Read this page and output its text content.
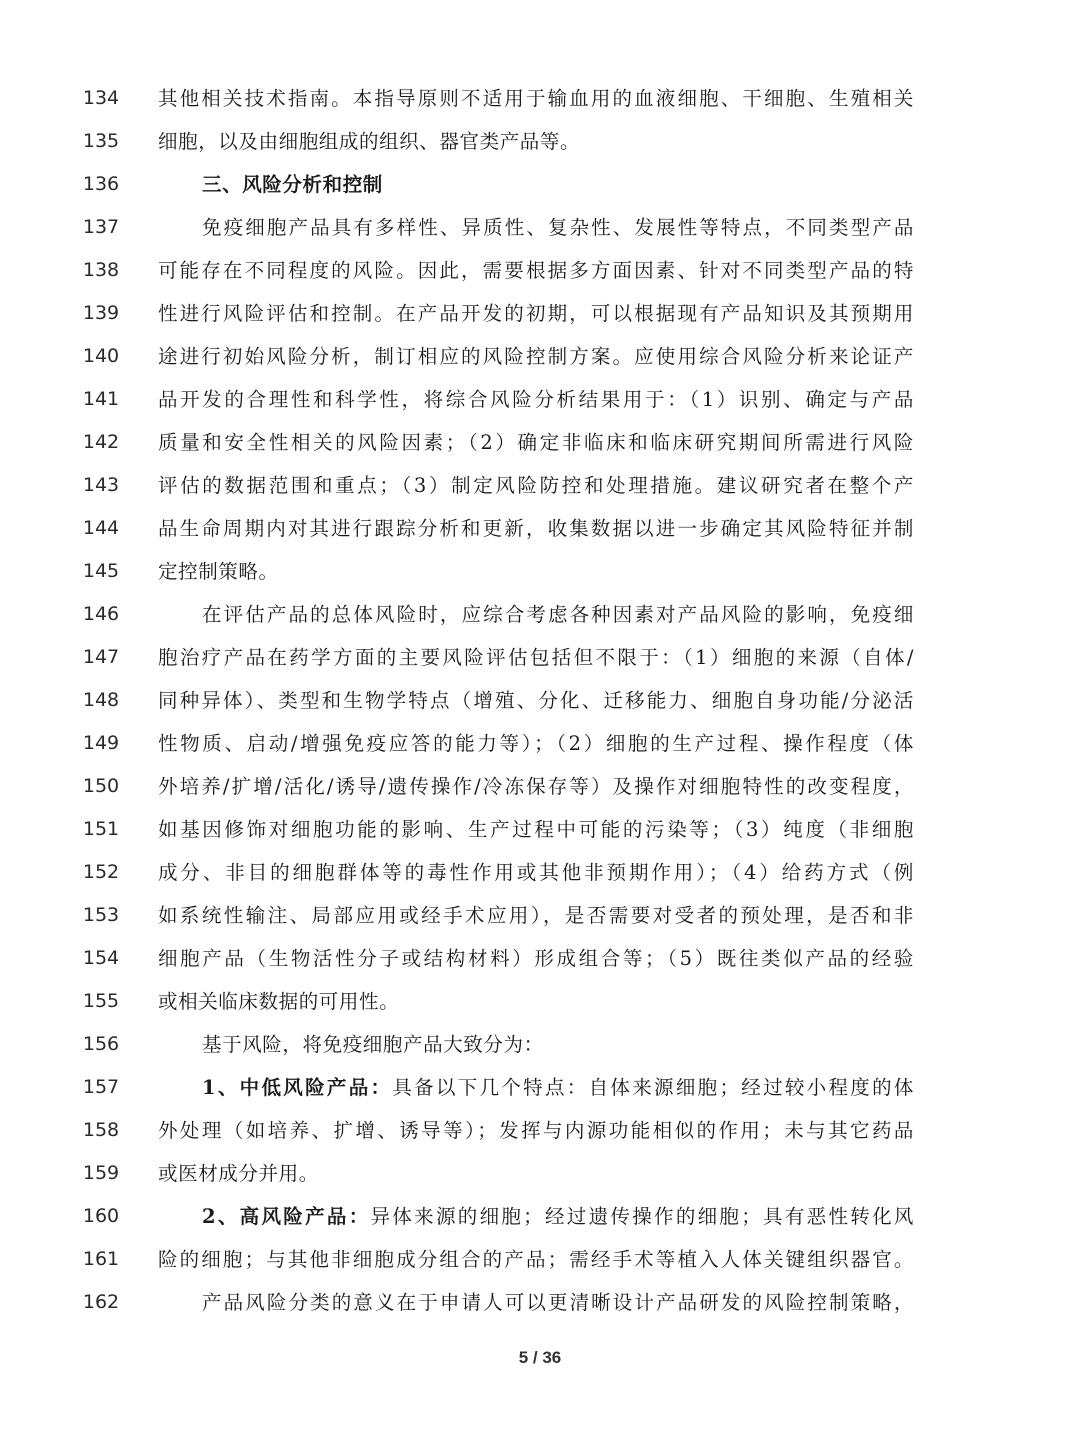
134	其他相关技术指南。本指导原则不适用于输血用的血液细胞、干细胞、生殖相关
135	细胞，以及由细胞组成的组织、器官类产品等。
136	三、风险分析和控制
137	免疫细胞产品具有多样性、异质性、复杂性、发展性等特点，不同类型产品
138	可能存在不同程度的风险。因此，需要根据多方面因素、针对不同类型产品的特
139	性进行风险评估和控制。在产品开发的初期，可以根据现有产品知识及其预期用
140	途进行初始风险分析，制订相应的风险控制方案。应使用综合风险分析来论证产
141	品开发的合理性和科学性，将综合风险分析结果用于：（1）识别、确定与产品
142	质量和安全性相关的风险因素；（2）确定非临床和临床研究期间所需进行风险
143	评估的数据范围和重点；（3）制定风险防控和处理措施。建议研究者在整个产
144	品生命周期内对其进行跟踪分析和更新，收集数据以进一步确定其风险特征并制
145	定控制策略。
146	在评估产品的总体风险时，应综合考虑各种因素对产品风险的影响，免疫细
147	胞治疗产品在药学方面的主要风险评估包括但不限于：（1）细胞的来源（自体/
148	同种异体）、类型和生物学特点（增殖、分化、迁移能力、细胞自身功能/分泌活
149	性物质、启动/增强免疫应答的能力等）；（2）细胞的生产过程、操作程度（体
150	外培养/扩增/活化/诱导/遗传操作/冷冻保存等）及操作对细胞特性的改变程度，
151	如基因修饰对细胞功能的影响、生产过程中可能的污染等；（3）纯度（非细胞
152	成分、非目的细胞群体等的毒性作用或其他非预期作用）；（4）给药方式（例
153	如系统性输注、局部应用或经手术应用），是否需要对受者的预处理，是否和非
154	细胞产品（生物活性分子或结构材料）形成组合等；（5）既往类似产品的经验
155	或相关临床数据的可用性。
156	基于风险，将免疫细胞产品大致分为：
157	1、中低风险产品：具备以下几个特点：自体来源细胞；经过较小程度的体
158	外处理（如培养、扩增、诱导等）；发挥与内源功能相似的作用；未与其它药品
159	或医材成分并用。
160	2、高风险产品：异体来源的细胞；经过遗传操作的细胞；具有恶性转化风
161	险的细胞；与其他非细胞成分组合的产品；需经手术等植入人体关键组织器官。
162	产品风险分类的意义在于申请人可以更清晰设计产品研发的风险控制策略，
5 / 36
